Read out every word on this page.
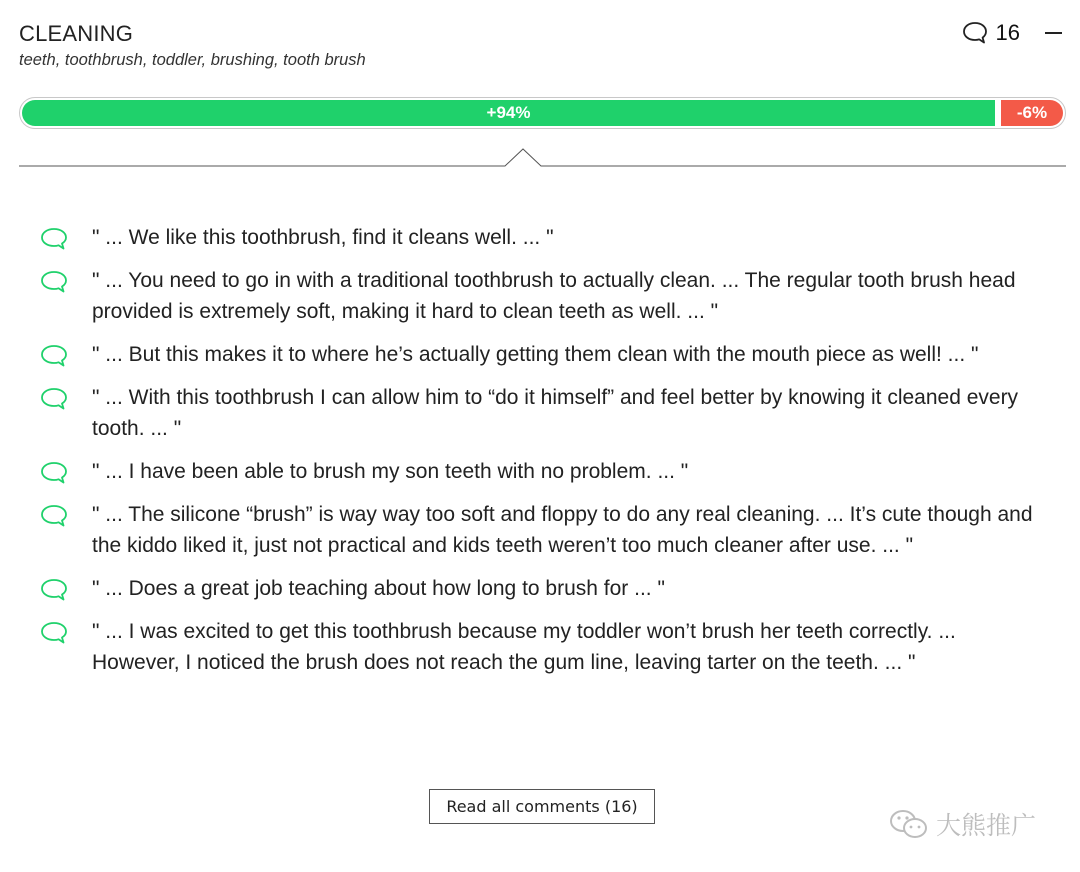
CLEANING
teeth, toothbrush, toddler, brushing, tooth brush
16
+94%	-6%
" ... We like this toothbrush, find it cleans well. ... "
" ... You need to go in with a traditional toothbrush to actually clean. ... The regular tooth brush head provided is extremely soft, making it hard to clean teeth as well. ... "
" ... But this makes it to where he’s actually getting them clean with the mouth piece as well! ... "
" ... With this toothbrush I can allow him to “do it himself” and feel better by knowing it cleaned every tooth. ... "
" ... I have been able to brush my son teeth with no problem. ... "
" ... The silicone “brush” is way way too soft and floppy to do any real cleaning. ... It’s cute though and the kiddo liked it, just not practical and kids teeth weren’t too much cleaner after use. ... "
" ... Does a great job teaching about how long to brush for ... "
" ... I was excited to get this toothbrush because my toddler won’t brush her teeth correctly. ... However, I noticed the brush does not reach the gum line, leaving tarter on the teeth. ... "
Read all comments (16)
大熊推广
